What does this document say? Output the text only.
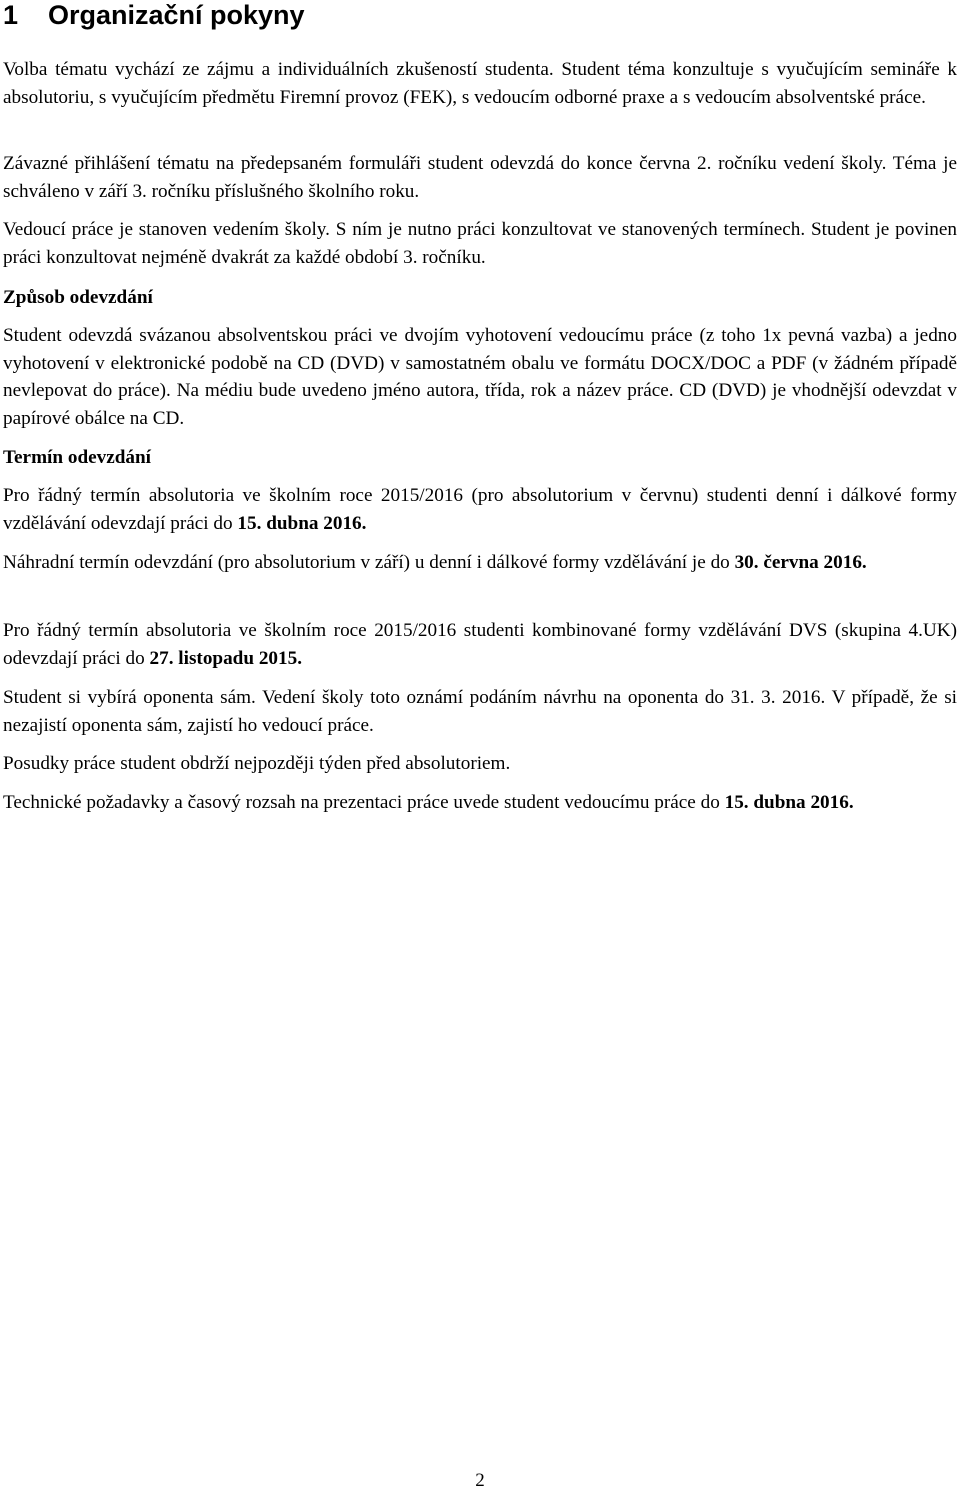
1 Organizační pokyny

Volba tématu vychází ze zájmu a individuálních zkušeností studenta. Student téma konzultuje s vyučujícím semináře k absolutoriu, s vyučujícím předmětu Firemní provoz (FEK), s vedoucím odborné praxe a s vedoucím absolventské práce.

Závazné přihlášení tématu na předepsaném formuláři student odevzdá do konce června 2. ročníku vedení školy. Téma je schváleno v září 3. ročníku příslušného školního roku.

Vedoucí práce je stanoven vedením školy. S ním je nutno práci konzultovat ve stanovených termínech. Student je povinen práci konzultovat nejméně dvakrát za každé období 3. ročníku.

Způsob odevzdání

Student odevzdá svázanou absolventskou práci ve dvojím vyhotovení vedoucímu práce (z toho 1x pevná vazba) a jedno vyhotovení v elektronické podobě na CD (DVD) v samostatném obalu ve formátu DOCX/DOC a PDF (v žádném případě nevlepovat do práce). Na médiu bude uvedeno jméno autora, třída, rok a název práce. CD (DVD) je vhodnější odevzdat v papírové obálce na CD.

Termín odevzdání

Pro řádný termín absolutoria ve školním roce 2015/2016 (pro absolutorium v červnu) studenti denní i dálkové formy vzdělávání odevzdají práci do 15. dubna 2016.

Náhradní termín odevzdání (pro absolutorium v září) u denní i dálkové formy vzdělávání je do 30. června 2016.

Pro řádný termín absolutoria ve školním roce 2015/2016 studenti kombinované formy vzdělávání DVS (skupina 4.UK) odevzdají práci do 27. listopadu 2015.

Student si vybírá oponenta sám. Vedení školy toto oznámí podáním návrhu na oponenta do 31. 3. 2016. V případě, že si nezajistí oponenta sám, zajistí ho vedoucí práce.

Posudky práce student obdrží nejpozději týden před absolutoriem.

Technické požadavky a časový rozsah na prezentaci práce uvede student vedoucímu práce do 15. dubna 2016.

2
